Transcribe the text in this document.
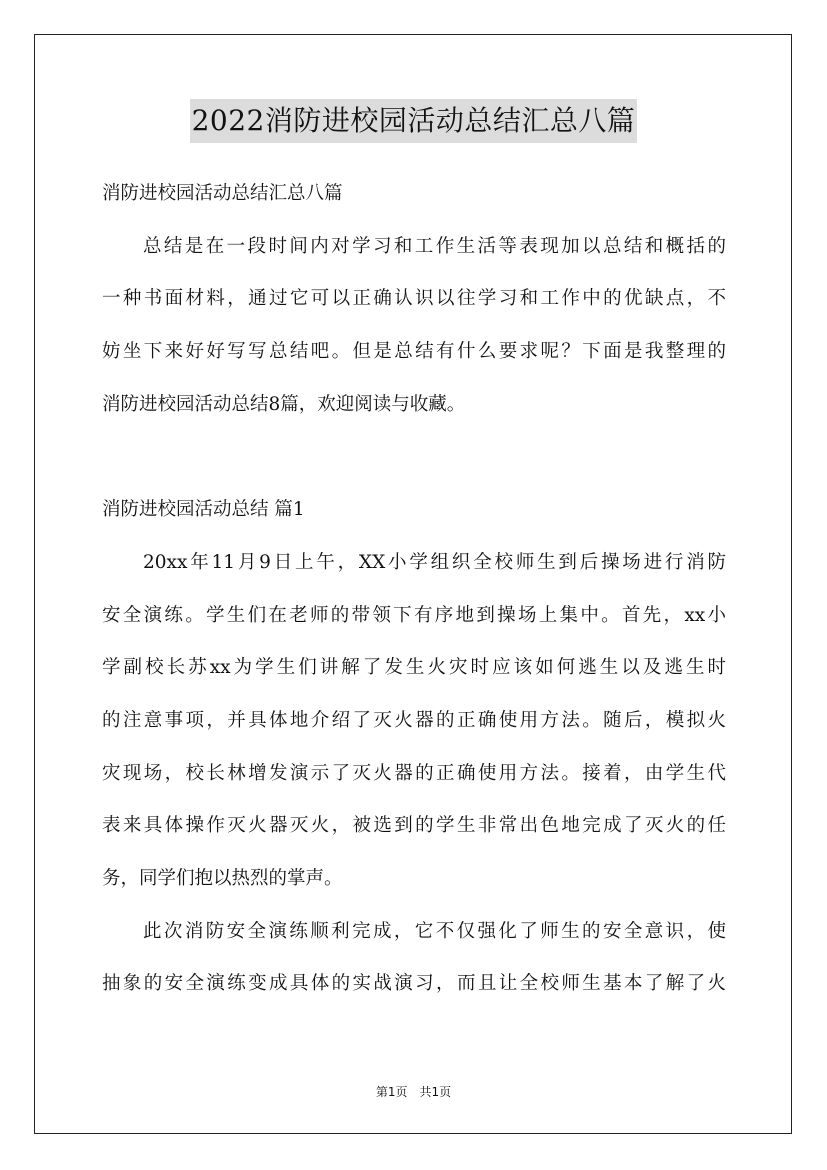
2022消防进校园活动总结汇总八篇
消防进校园活动总结汇总八篇
总结是在一段时间内对学习和工作生活等表现加以总结和概括的
一种书面材料，通过它可以正确认识以往学习和工作中的优缺点，不
妨坐下来好好写写总结吧。但是总结有什么要求呢？下面是我整理的
消防进校园活动总结8篇，欢迎阅读与收藏。
消防进校园活动总结 篇1
20xx年11月9日上午，XX小学组织全校师生到后操场进行消防
安全演练。学生们在老师的带领下有序地到操场上集中。首先，xx小
学副校长苏xx为学生们讲解了发生火灾时应该如何逃生以及逃生时
的注意事项，并具体地介绍了灭火器的正确使用方法。随后，模拟火
灾现场，校长林增发演示了灭火器的正确使用方法。接着，由学生代
表来具体操作灭火器灭火，被选到的学生非常出色地完成了灭火的任
务，同学们抱以热烈的掌声。
此次消防安全演练顺利完成，它不仅强化了师生的安全意识，使
抽象的安全演练变成具体的实战演习，而且让全校师生基本了解了火
第1页　共1页
